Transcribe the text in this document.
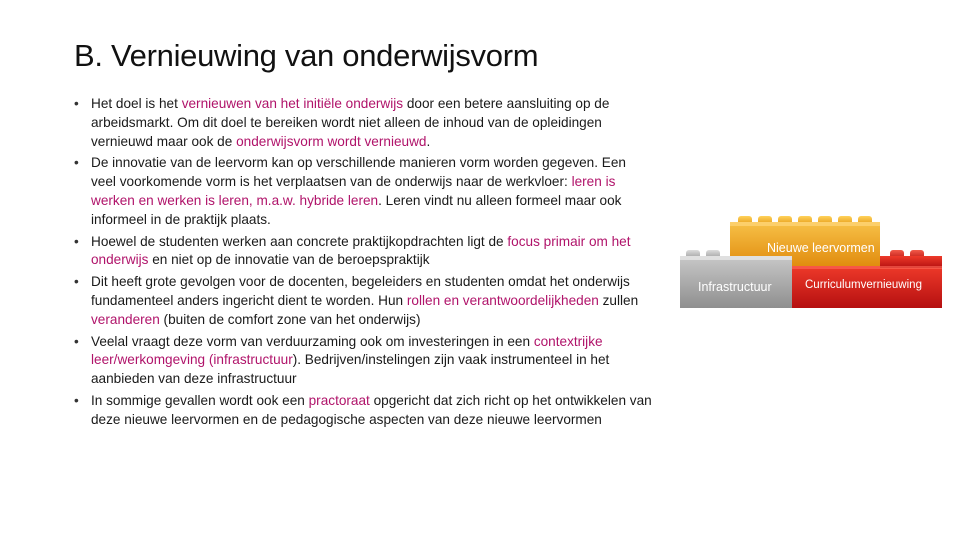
B. Vernieuwing van onderwijsvorm
• Het doel is het vernieuwen van het initiële onderwijs door een betere aansluiting op de arbeidsmarkt. Om dit doel te bereiken wordt niet alleen de inhoud van de opleidingen vernieuwd maar ook de onderwijsvorm wordt vernieuwd.
• De innovatie van de leervorm kan op verschillende manieren vorm worden gegeven. Een veel voorkomende vorm is het verplaatsen van de onderwijs naar de werkvloer: leren is werken en werken is leren, m.a.w. hybride leren. Leren vindt nu alleen formeel maar ook informeel in de praktijk plaats.
• Hoewel de studenten werken aan concrete praktijkopdrachten ligt de focus primair om het onderwijs en niet op de innovatie van de beroepspraktijk
• Dit heeft grote gevolgen voor de docenten, begeleiders en studenten omdat het onderwijs fundamenteel anders ingericht dient te worden. Hun rollen en verantwoordelijkheden zullen veranderen (buiten de comfort zone van het onderwijs)
• Veelal vraagt deze vorm van verduurzaming ook om investeringen in een contextrijke leer/werkomgeving (infrastructuur). Bedrijven/instelingen zijn vaak instrumenteel in het aanbieden van deze infrastructuur
• In sommige gevallen wordt ook een practoraat opgericht dat zich richt op het ontwikkelen van deze nieuwe leervormen en de pedagogische aspecten van deze nieuwe leervormen
Nieuwe leervormen
Infrastructuur	Curriculumvernieuwing
